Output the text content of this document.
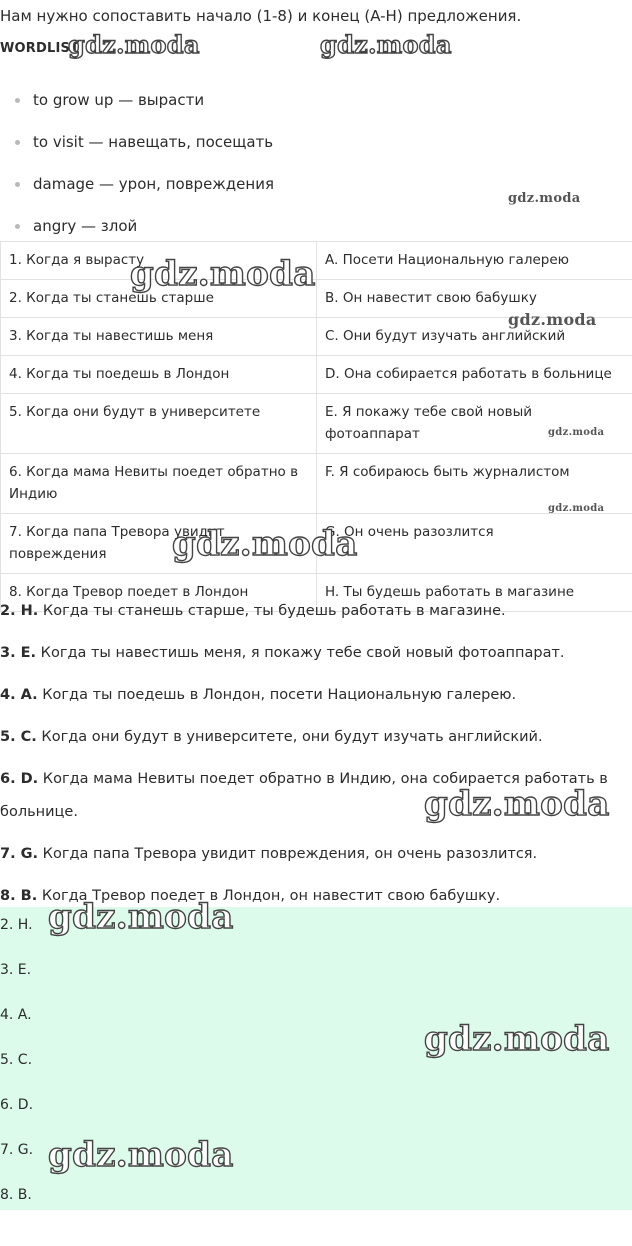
Нам нужно сопоставить начало (1-8) и конец (A-H) предложения.
WORDLIST
to grow up — вырасти
to visit — навещать, посещать
damage — урон, повреждения
angry — злой
1. Когда я вырасту	A. Посети Национальную галерею
2. Когда ты станешь старше	B. Он навестит свою бабушку
3. Когда ты навестишь меня	C. Они будут изучать английский
4. Когда ты поедешь в Лондон	D. Она собирается работать в больнице
5. Когда они будут в университете	E. Я покажу тебе свой новый фотоаппарат
6. Когда мама Невиты поедет обратно в Индию	F. Я собираюсь быть журналистом
7. Когда папа Тревора увидит повреждения	G. Он очень разозлится
8. Когда Тревор поедет в Лондон	H. Ты будешь работать в магазине

2. H. Когда ты станешь старше, ты будешь работать в магазине.

3. E. Когда ты навестишь меня, я покажу тебе свой новый фотоаппарат.

4. A. Когда ты поедешь в Лондон, посети Национальную галерею.

5. C. Когда они будут в университете, они будут изучать английский.

6. D. Когда мама Невиты поедет обратно в Индию, она собирается работать в больнице.

7. G. Когда папа Тревора увидит повреждения, он очень разозлится.

8. B. Когда Тревор поедет в Лондон, он навестит свою бабушку.

2. H.
3. E.
4. A.
5. C.
6. D.
7. G.
8. B.
gdz.moda	gdz.moda
gdz.moda
gdz.moda
gdz.moda
gdz.moda
gdz.moda
gdz.moda
gdz.moda
gdz.moda
gdz.moda
gdz.moda
